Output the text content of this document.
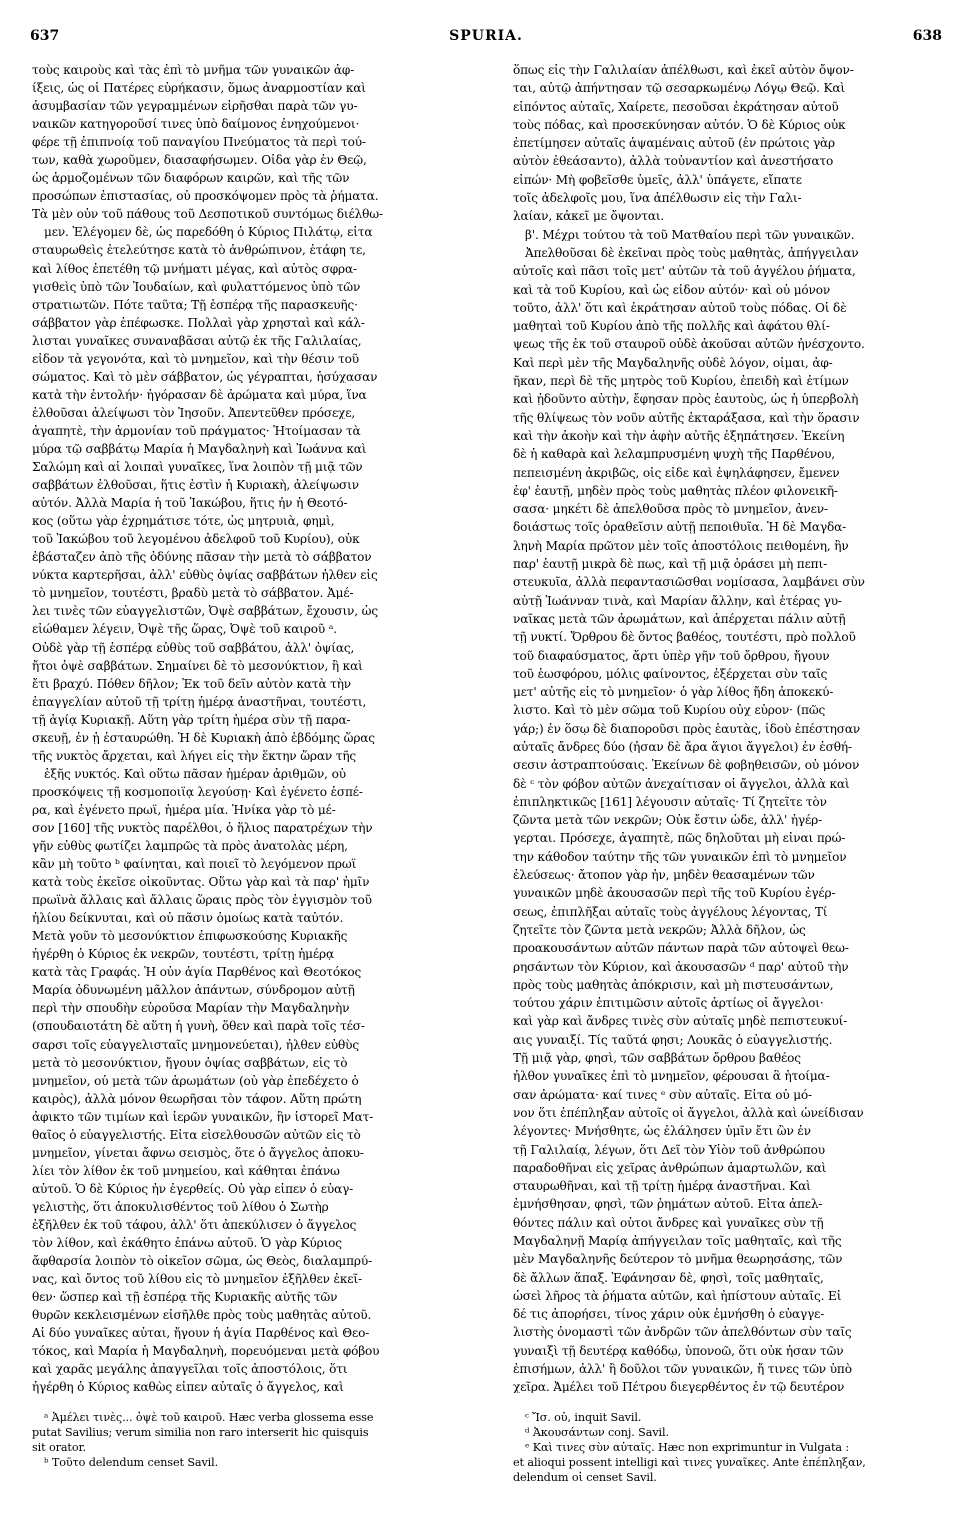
637	SPURIA.	638
τοὺς καιροὺς καὶ τὰς ἐπὶ τὸ μνῆμα τῶν γυναικῶν ἀφ-
ίξεις, ὡς οἱ Πατέρες εὑρήκασιν, ὅμως ἀναρμοστίαν καὶ
ἀσυμβασίαν τῶν γεγραμμένων εἰρῆσθαι παρὰ τῶν γυ-
ναικῶν κατηγοροῦσί τινες ὑπὸ δαίμονος ἐνηχούμενοι·
φέρε τῇ ἐπιπνοίᾳ τοῦ παναγίου Πνεύματος τὰ περὶ τού-
των, καθὰ χωροῦμεν, διασαφήσωμεν. Οἶδα γὰρ ἐν Θεῷ,
ὡς ἁρμοζομένων τῶν διαφόρων καιρῶν, καὶ τῆς τῶν
προσώπων ἐπιστασίας, οὐ προσκόψομεν πρὸς τὰ ῥήματα.
Τὰ μὲν οὖν τοῦ πάθους τοῦ Δεσποτικοῦ συντόμως διέλθω-
μεν. Ἐλέγομεν δὲ, ὡς παρεδόθη ὁ Κύριος Πιλάτῳ, εἶτα
σταυρωθεὶς ἐτελεύτησε κατὰ τὸ ἀνθρώπινον, ἐτάφη τε,
καὶ λίθος ἐπετέθη τῷ μνήματι μέγας, καὶ αὐτὸς σφρα-
γισθεὶς ὑπὸ τῶν Ἰουδαίων, καὶ φυλαττόμενος ὑπὸ τῶν
στρατιωτῶν. Πότε ταῦτα; Τῇ ἑσπέρᾳ τῆς παρασκευῆς·
σάββατον γὰρ ἐπέφωσκε. Πολλαὶ γὰρ χρησταὶ καὶ κάλ-
λισται γυναῖκες συναναβᾶσαι αὐτῷ ἐκ τῆς Γαλιλαίας,
εἶδον τὰ γεγονότα, καὶ τὸ μνημεῖον, καὶ τὴν θέσιν τοῦ
σώματος. Καὶ τὸ μὲν σάββατον, ὡς γέγραπται, ἡσύχασαν
κατὰ τὴν ἐντολήν· ἠγόρασαν δὲ ἀρώματα καὶ μύρα, ἵνα
ἐλθοῦσαι ἀλείψωσι τὸν Ἰησοῦν. Ἀπεντεῦθεν πρόσεχε,
ἀγαπητὲ, τὴν ἁρμονίαν τοῦ πράγματος· Ἡτοίμασαν τὰ
μύρα τῷ σαββάτῳ Μαρία ἡ Μαγδαληνὴ καὶ Ἰωάννα καὶ
Σαλώμη καὶ αἱ λοιπαὶ γυναῖκες, ἵνα λοιπὸν τῇ μιᾷ τῶν
σαββάτων ἐλθοῦσαι, ἥτις ἐστὶν ἡ Κυριακὴ, ἀλείψωσιν
αὐτόν. Ἀλλὰ Μαρία ἡ τοῦ Ἰακώβου, ἥτις ἦν ἡ Θεοτό-
κος (οὕτω γὰρ ἐχρημάτισε τότε, ὡς μητρυιὰ, φημὶ,
τοῦ Ἰακώβου τοῦ λεγομένου ἀδελφοῦ τοῦ Κυρίου), οὐκ
ἐβάσταζεν ἀπὸ τῆς ὀδύνης πᾶσαν τὴν μετὰ τὸ σάββατον
νύκτα καρτερῆσαι, ἀλλ' εὐθὺς ὀψίας σαββάτων ἦλθεν εἰς
τὸ μνημεῖον, τουτέστι, βραδὺ μετὰ τὸ σάββατον. Ἀμέ-
λει τινὲς τῶν εὐαγγελιστῶν, Ὀψὲ σαββάτων, ἔχουσιν, ὡς
εἰώθαμεν λέγειν, Ὀψὲ τῆς ὥρας, Ὀψὲ τοῦ καιροῦ ᵃ.
Οὐδὲ γὰρ τῇ ἑσπέρᾳ εὐθὺς τοῦ σαββάτου, ἀλλ' ὀψίας,
ἤτοι ὀψὲ σαββάτων. Σημαίνει δὲ τὸ μεσονύκτιον, ἢ καὶ
ἔτι βραχύ. Πόθεν δῆλον; Ἐκ τοῦ δεῖν αὐτὸν κατὰ τὴν
ἐπαγγελίαν αὐτοῦ τῇ τρίτῃ ἡμέρᾳ ἀναστῆναι, τουτέστι,
τῇ ἁγίᾳ Κυριακῇ. Αὕτη γὰρ τρίτη ἡμέρα σὺν τῇ παρα-
σκευῇ, ἐν ᾗ ἐσταυρώθη. Ἡ δὲ Κυριακὴ ἀπὸ ἑβδόμης ὥρας
τῆς νυκτὸς ἄρχεται, καὶ λήγει εἰς τὴν ἕκτην ὥραν τῆς
ἑξῆς νυκτός. Καὶ οὕτω πᾶσαν ἡμέραν ἀριθμῶν, οὐ
προσκόψεις τῇ κοσμοποιΐᾳ λεγούσῃ· Καὶ ἐγένετο ἑσπέ-
ρα, καὶ ἐγένετο πρωΐ, ἡμέρα μία. Ἡνίκα γὰρ τὸ μέ-
σον [160] τῆς νυκτὸς παρέλθοι, ὁ ἥλιος παρατρέχων τὴν
γῆν εὐθὺς φωτίζει λαμπρῶς τὰ πρὸς ἀνατολὰς μέρη,
κἂν μὴ τοῦτο ᵇ φαίνηται, καὶ ποιεῖ τὸ λεγόμενον πρωΐ
κατὰ τοὺς ἐκεῖσε οἰκοῦντας. Οὕτω γὰρ καὶ τὰ παρ' ἡμῖν
πρωϊνὰ ἄλλαις καὶ ἄλλαις ὥραις πρὸς τὸν ἐγγισμὸν τοῦ
ἡλίου δείκνυται, καὶ οὐ πᾶσιν ὁμοίως κατὰ ταὐτόν.
Μετὰ γοῦν τὸ μεσονύκτιον ἐπιφωσκούσης Κυριακῆς
ἠγέρθη ὁ Κύριος ἐκ νεκρῶν, τουτέστι, τρίτῃ ἡμέρᾳ
κατὰ τὰς Γραφάς. Ἡ οὖν ἁγία Παρθένος καὶ Θεοτόκος
Μαρία ὀδυνωμένη μᾶλλον ἁπάντων, σύνδρομον αὐτῇ
περὶ τὴν σπουδὴν εὑροῦσα Μαρίαν τὴν Μαγδαληνὴν
(σπουδαιοτάτη δὲ αὕτη ἡ γυνὴ, ὅθεν καὶ παρὰ τοῖς τέσ-
σαρσι τοῖς εὐαγγελισταῖς μνημονεύεται), ἦλθεν εὐθὺς
μετὰ τὸ μεσονύκτιον, ἤγουν ὀψίας σαββάτων, εἰς τὸ
μνημεῖον, οὐ μετὰ τῶν ἀρωμάτων (οὐ γὰρ ἐπεδέχετο ὁ
καιρὸς), ἀλλὰ μόνον θεωρῆσαι τὸν τάφον. Αὕτη πρώτη
ἀφικτο τῶν τιμίων καὶ ἱερῶν γυναικῶν, ἣν ἱστορεῖ Ματ-
θαῖος ὁ εὐαγγελιστής. Εἶτα εἰσελθουσῶν αὐτῶν εἰς τὸ
μνημεῖον, γίνεται ἄφνω σεισμὸς, ὅτε ὁ ἄγγελος ἀποκυ-
λίει τὸν λίθον ἐκ τοῦ μνημείου, καὶ κάθηται ἐπάνω
αὐτοῦ. Ὁ δὲ Κύριος ἦν ἐγερθείς. Οὐ γὰρ εἶπεν ὁ εὐαγ-
γελιστὴς, ὅτι ἀποκυλισθέντος τοῦ λίθου ὁ Σωτὴρ
ἐξῆλθεν ἐκ τοῦ τάφου, ἀλλ' ὅτι ἀπεκύλισεν ὁ ἄγγελος
τὸν λίθον, καὶ ἐκάθητο ἐπάνω αὐτοῦ. Ὁ γὰρ Κύριος
ἄφθαρσία λοιπὸν τὸ οἰκεῖον σῶμα, ὡς Θεὸς, διαλαμπρύ-
νας, καὶ ὄντος τοῦ λίθου εἰς τὸ μνημεῖον ἐξῆλθεν ἐκεῖ-
θεν· ὥσπερ καὶ τῇ ἑσπέρᾳ τῆς Κυριακῆς αὐτῆς τῶν
θυρῶν κεκλεισμένων εἰσῆλθε πρὸς τοὺς μαθητὰς αὐτοῦ.
Αἱ δύο γυναῖκες αὐται, ἤγουν ἡ ἁγία Παρθένος καὶ Θεο-
τόκος, καὶ Μαρία ἡ Μαγδαληνὴ, πορευόμεναι μετὰ φόβου
καὶ χαρᾶς μεγάλης ἀπαγγεῖλαι τοῖς ἀποστόλοις, ὅτι
ἠγέρθη ὁ Κύριος καθὼς εἶπεν αὐταῖς ὁ ἄγγελος, καὶ
ὅπως εἰς τὴν Γαλιλαίαν ἀπέλθωσι, καὶ ἐκεῖ αὐτὸν ὄψον-
ται, αὐτῷ ἀπήντησαν τῷ σεσαρκωμένῳ Λόγῳ Θεῷ. Καὶ
εἰπόντος αὐταῖς, Χαίρετε, πεσοῦσαι ἐκράτησαν αὐτοῦ
τοὺς πόδας, καὶ προσεκύνησαν αὐτόν. Ὁ δὲ Κύριος οὐκ
ἐπετίμησεν αὐταῖς ἁψαμέναις αὐτοῦ (ἐν πρώτοις γὰρ
αὐτὸν ἐθεάσαντο), ἀλλὰ τοὐναντίον καὶ ἀνεστήσατο
εἰπών· Μὴ φοβεῖσθε ὑμεῖς, ἀλλ' ὑπάγετε, εἴπατε
τοῖς ἀδελφοῖς μου, ἵνα ἀπέλθωσιν εἰς τὴν Γαλι-
λαίαν, κἀκεῖ με ὄψονται.
β'. Μέχρι τούτου τὰ τοῦ Ματθαίου περὶ τῶν γυναικῶν.
Ἀπελθοῦσαι δὲ ἐκεῖναι πρὸς τοὺς μαθητὰς, ἀπήγγειλαν
αὐτοῖς καὶ πᾶσι τοῖς μετ' αὐτῶν τὰ τοῦ ἀγγέλου ῥήματα,
καὶ τὰ τοῦ Κυρίου, καὶ ὡς εἶδον αὐτόν· καὶ οὐ μόνον
τοῦτο, ἀλλ' ὅτι καὶ ἐκράτησαν αὐτοῦ τοὺς πόδας. Οἱ δὲ
μαθηταὶ τοῦ Κυρίου ἀπὸ τῆς πολλῆς καὶ ἀφάτου θλί-
ψεως τῆς ἐκ τοῦ σταυροῦ οὐδὲ ἀκοῦσαι αὐτῶν ἠνέσχοντο.
Καὶ περὶ μὲν τῆς Μαγδαληνῆς οὐδὲ λόγον, οἶμαι, ἀφ-
ῆκαν, περὶ δὲ τῆς μητρὸς τοῦ Κυρίου, ἐπειδὴ καὶ ἐτίμων
καὶ ᾐδοῦντο αὐτὴν, ἔφησαν πρὸς ἑαυτοὺς, ὡς ἡ ὑπερβολὴ
τῆς θλίψεως τὸν νοῦν αὐτῆς ἐκταράξασα, καὶ τὴν ὅρασιν
καὶ τὴν ἀκοὴν καὶ τὴν ἁφὴν αὐτῆς ἐξηπάτησεν. Ἐκείνη
δὲ ἡ καθαρὰ καὶ λελαμπρυσμένη ψυχὴ τῆς Παρθένου,
πεπεισμένη ἀκριβῶς, οἷς εἶδε καὶ ἐψηλάφησεν, ἔμενεν
ἐφ' ἑαυτῇ, μηδὲν πρὸς τοὺς μαθητὰς πλέον φιλονεικῆ-
σασα· μηκέτι δὲ ἀπελθοῦσα πρὸς τὸ μνημεῖον, ἀνεν-
δοιάστως τοῖς ὁραθεῖσιν αὐτῇ πεποιθυῖα. Ἡ δὲ Μαγδα-
ληνὴ Μαρία πρῶτον μὲν τοῖς ἀποστόλοις πειθομένη, ἣν
παρ' ἑαυτῇ μικρὰ δὲ πως, καὶ τῇ μιᾷ ὁράσει μὴ πεπι-
στευκυῖα, ἀλλὰ πεφαντασιῶσθαι νομίσασα, λαμβάνει σὺν
αὐτῇ Ἰωάνναν τινὰ, καὶ Μαρίαν ἄλλην, καὶ ἑτέρας γυ-
ναῖκας μετὰ τῶν ἀρωμάτων, καὶ ἀπέρχεται πάλιν αὐτῇ
τῇ νυκτί. Ὄρθρου δὲ ὄντος βαθέος, τουτέστι, πρὸ πολλοῦ
τοῦ διαφαύσματος, ἄρτι ὑπὲρ γῆν τοῦ ὄρθρου, ἤγουν
τοῦ ἑωσφόρου, μόλις φαίνοντος, ἐξέρχεται σὺν ταῖς
μετ' αὐτῆς εἰς τὸ μνημεῖον· ὁ γὰρ λίθος ἤδη ἀποκεκύ-
λιστο. Καὶ τὸ μὲν σῶμα τοῦ Κυρίου οὐχ εὗρον· (πῶς
γάρ;) ἐν ὅσῳ δὲ διαποροῦσι πρὸς ἑαυτὰς, ἰδοὺ ἐπέστησαν
αὐταῖς ἄνδρες δύο (ἦσαν δὲ ἄρα ἅγιοι ἄγγελοι) ἐν ἐσθή-
σεσιν ἀστραπτούσαις. Ἐκείνων δὲ φοβηθεισῶν, οὐ μόνον
δὲ ᶜ τὸν φόβον αὐτῶν ἀνεχαίτισαν οἱ ἄγγελοι, ἀλλὰ καὶ
ἐπιπληκτικῶς [161] λέγουσιν αὐταῖς· Τί ζητεῖτε τὸν
ζῶντα μετὰ τῶν νεκρῶν; Οὐκ ἔστιν ὧδε, ἀλλ' ἠγέρ-
γερται. Πρόσεχε, ἀγαπητὲ, πῶς δηλοῦται μὴ εἶναι πρώ-
την κάθοδον ταύτην τῆς τῶν γυναικῶν ἐπὶ τὸ μνημεῖον
ἐλεύσεως· ἄτοπον γὰρ ἦν, μηδὲν θεασαμένων τῶν
γυναικῶν μηδὲ ἀκουσασῶν περὶ τῆς τοῦ Κυρίου ἐγέρ-
σεως, ἐπιπλῆξαι αὐταῖς τοὺς ἀγγέλους λέγοντας, Τί
ζητεῖτε τὸν ζῶντα μετὰ νεκρῶν; Ἀλλὰ δῆλον, ὡς
προακουσάντων αὐτῶν πάντων παρὰ τῶν αὐτοψεὶ θεω-
ρησάντων τὸν Κύριον, καὶ ἀκουσασῶν ᵈ παρ' αὐτοῦ τὴν
πρὸς τοὺς μαθητὰς ἀπόκρισιν, καὶ μὴ πιστευσάντων,
τούτου χάριν ἐπιτιμῶσιν αὐτοῖς ἀρτίως οἱ ἄγγελοι·
καὶ γὰρ καὶ ἄνδρες τινὲς σὺν αὐταῖς μηδὲ πεπιστευκυί-
αις γυναιξί. Τίς ταῦτά φησι; Λουκᾶς ὁ εὐαγγελιστής.
Τῇ μιᾷ γὰρ, φησὶ, τῶν σαββάτων ὄρθρου βαθέος
ἦλθον γυναῖκες ἐπὶ τὸ μνημεῖον, φέρουσαι ἃ ἡτοίμα-
σαν ἀρώματα· καί τινες ᵉ σὺν αὐταῖς. Εἶτα οὐ μό-
νον ὅτι ἐπέπληξαν αὐτοῖς οἱ ἄγγελοι, ἀλλὰ καὶ ὠνείδισαν
λέγοντες· Μνήσθητε, ὡς ἐλάλησεν ὑμῖν ἔτι ὢν ἐν
τῇ Γαλιλαίᾳ, λέγων, ὅτι Δεῖ τὸν Υἱὸν τοῦ ἀνθρώπου
παραδοθῆναι εἰς χεῖρας ἀνθρώπων ἁμαρτωλῶν, καὶ
σταυρωθῆναι, καὶ τῇ τρίτῃ ἡμέρᾳ ἀναστῆναι. Καὶ
ἐμνήσθησαν, φησὶ, τῶν ῥημάτων αὐτοῦ. Εἶτα ἀπελ-
θόντες πάλιν καὶ οὗτοι ἄνδρες καὶ γυναῖκες σὺν τῇ
Μαγδαληνῇ Μαρίᾳ ἀπήγγειλαν τοῖς μαθηταῖς, καὶ τῆς
μὲν Μαγδαληνῆς δεύτερον τὸ μνῆμα θεωρησάσης, τῶν
δὲ ἄλλων ἅπαξ. Ἐφάνησαν δὲ, φησὶ, τοῖς μαθηταῖς,
ὡσεὶ λῆρος τὰ ῥήματα αὐτῶν, καὶ ἠπίστουν αὐταῖς. Εἰ
δέ τις ἀπορήσει, τίνος χάριν οὐκ ἐμνήσθη ὁ εὐαγγε-
λιστὴς ὀνομαστὶ τῶν ἀνδρῶν τῶν ἀπελθόντων σὺν ταῖς
γυναιξὶ τῇ δευτέρᾳ καθόδῳ, ὑπονοῶ, ὅτι οὐκ ἦσαν τῶν
ἐπισήμων, ἀλλ' ἢ δοῦλοι τῶν γυναικῶν, ἤ τινες τῶν ὑπὸ
χεῖρα. Ἀμέλει τοῦ Πέτρου διεγερθέντος ἐν τῷ δευτέρον
ᵃ Ἀμέλει τινὲς... ὀψὲ τοῦ καιροῦ. Hæc verba glossema esse
putat Savilius; verum similia non raro interserit hic quisquis
sit orator.
ᵇ Τοῦτο delendum censet Savil.
ᶜ Ἴσ. οὐ, inquit Savil.
ᵈ Ἀκουσάντων conj. Savil.
ᵉ Καὶ τινες σὺν αὐταῖς. Hæc non exprimuntur in Vulgata :
et alioqui possent intelligi καὶ τινες γυναῖκες. Ante ἐπέπληξαν,
delendum οἱ censet Savil.
